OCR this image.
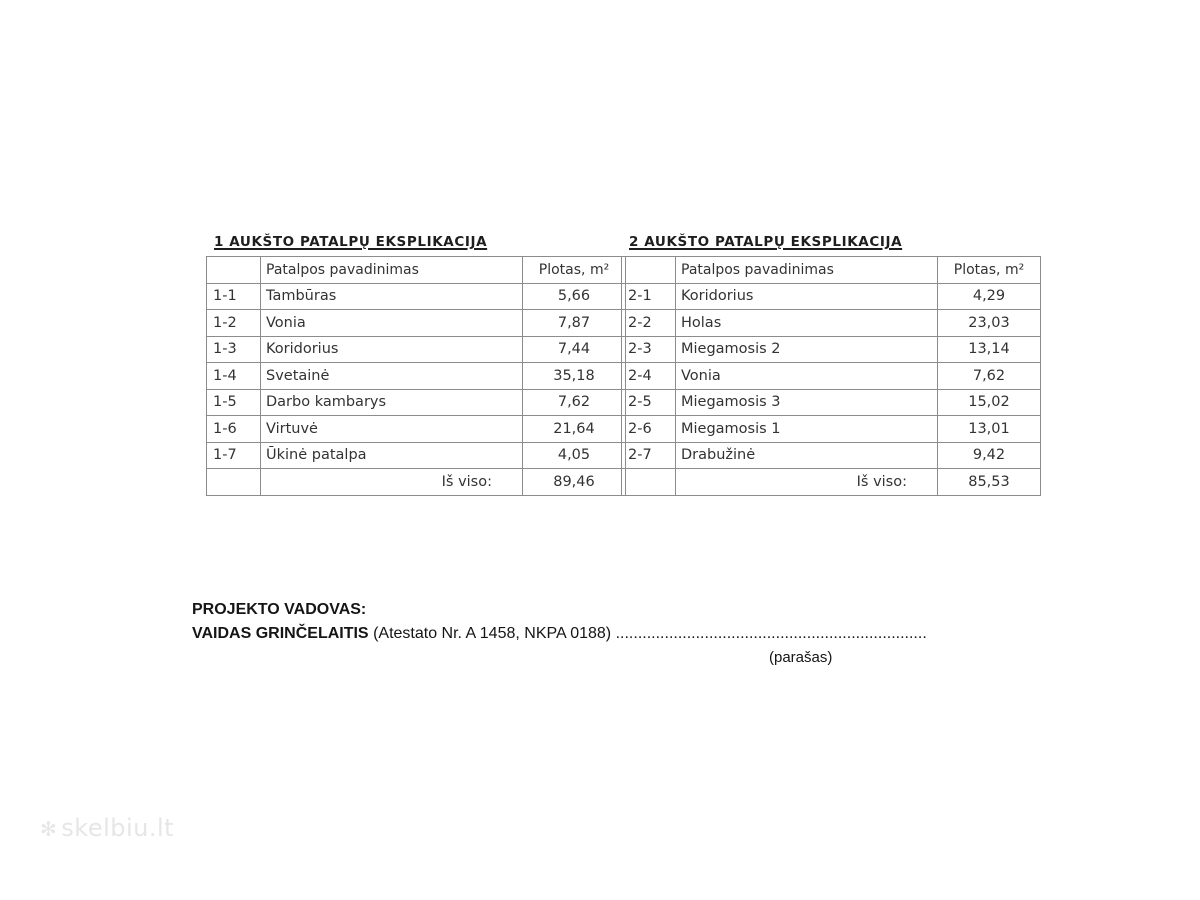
1 AUKŠTO PATALPŲ EKSPLIKACIJA
	Patalpos pavadinimas	Plotas, m²
1-1	Tambūras	5,66
1-2	Vonia	7,87
1-3	Koridorius	7,44
1-4	Svetainė	35,18
1-5	Darbo kambarys	7,62
1-6	Virtuvė	21,64
1-7	Ūkinė patalpa	4,05
	Iš viso:	89,46
2 AUKŠTO PATALPŲ EKSPLIKACIJA
	Patalpos pavadinimas	Plotas, m²
2-1	Koridorius	4,29
2-2	Holas	23,03
2-3	Miegamosis 2	13,14
2-4	Vonia	7,62
2-5	Miegamosis 3	15,02
2-6	Miegamosis 1	13,01
2-7	Drabužinė	9,42
	Iš viso:	85,53
PROJEKTO VADOVAS:
VAIDAS GRINČELAITIS (Atestato Nr. A 1458, NKPA 0188) ......................................................................
(parašas)
✻ skelbiu.lt
